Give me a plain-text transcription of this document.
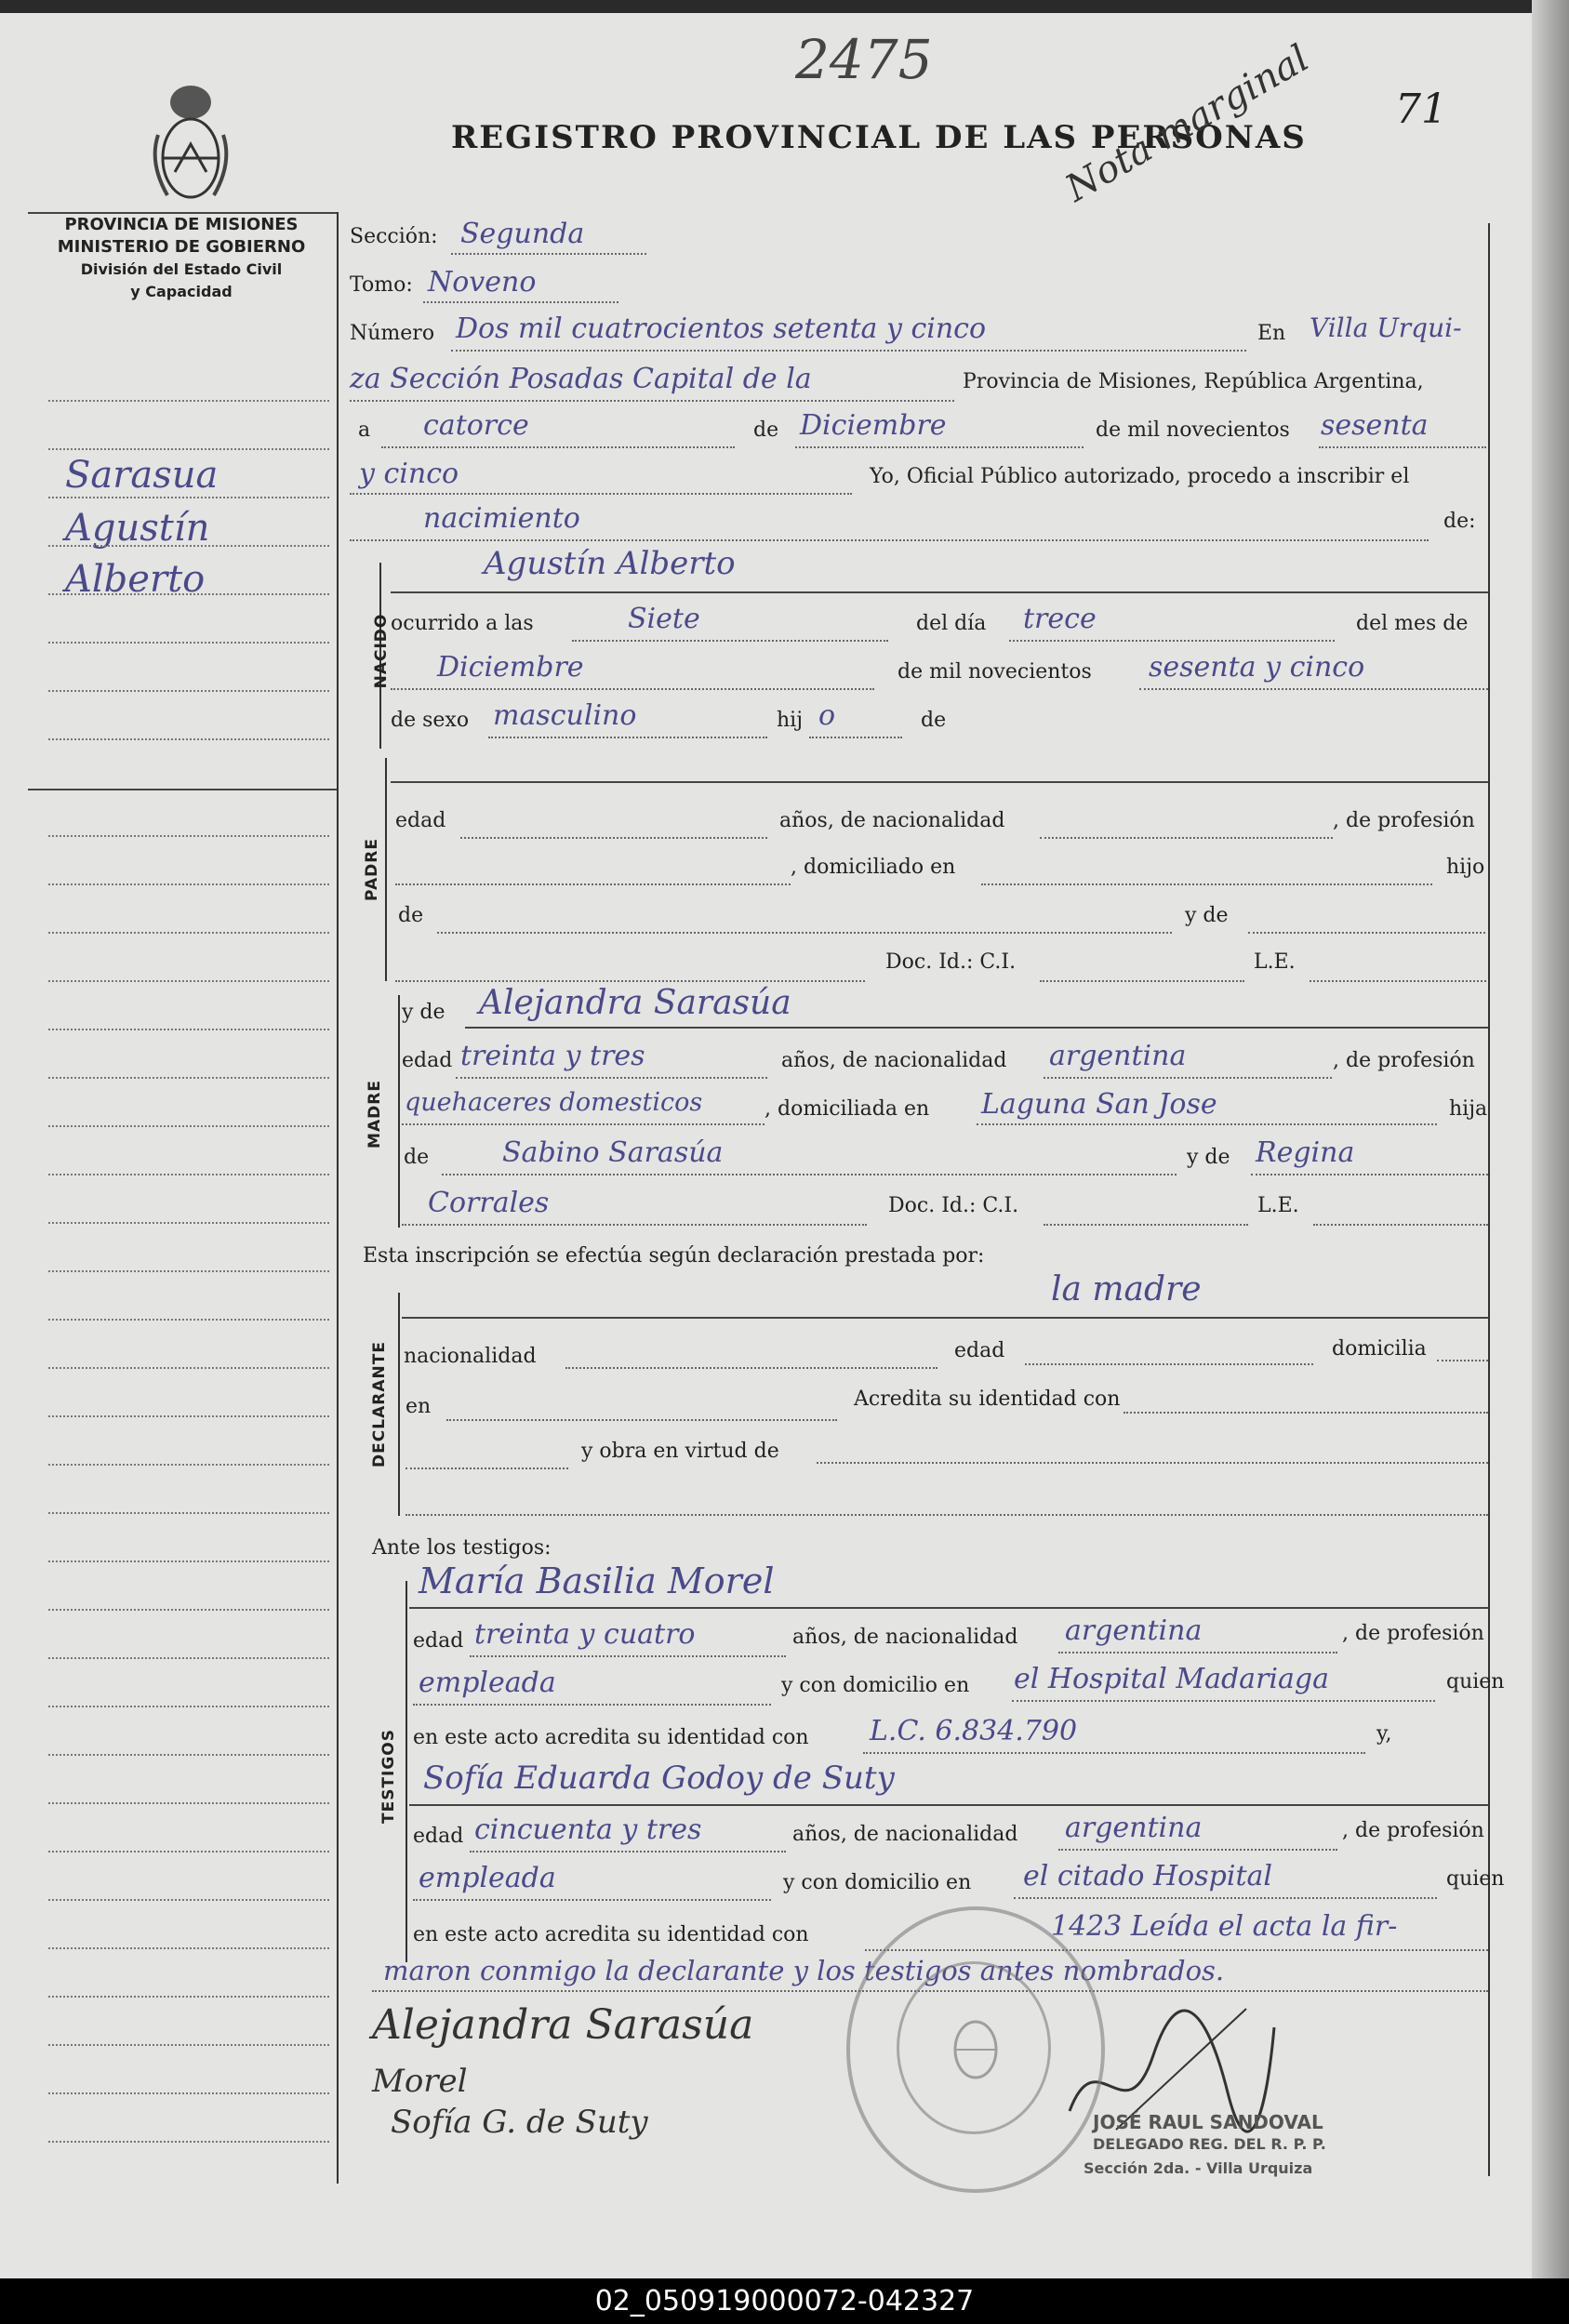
2475
REGISTRO PROVINCIAL DE LAS PERSONAS
71
Nota marginal
PROVINCIA DE MISIONES
MINISTERIO DE GOBIERNO
División del Estado Civil
y Capacidad
Sarasua
Agustín
Alberto
Sección: Segunda
Tomo: Noveno
Número Dos mil cuatrocientos setenta y cinco	En Villa Urqui-
za Sección Posadas Capital de la	Provincia de Misiones, República Argentina,
a catorce	de Diciembre	de mil novecientos sesenta
y cinco	Yo, Oficial Público autorizado, procedo a inscribir el
nacimiento	de:
NACIDO
Agustín Alberto
ocurrido a las	Siete	del día trece	del mes de
Diciembre	de mil novecientos sesenta y cinco
de sexo masculino	hij o	de
PADRE
edad	años, de nacionalidad	, de profesión
, domiciliado en	hijo
de	y de
Doc. Id.: C.I.	L.E.
MADRE
y de Alejandra Sarasúa
edad treinta y tres	años, de nacionalidad argentina	, de profesión
quehaceres domesticos	, domiciliada en Laguna San Jose	hija
de	Sabino Sarasúa	y de Regina
Corrales	Doc. Id.: C.I.	L.E.
Esta inscripción se efectúa según declaración prestada por:
DECLARANTE
la madre
nacionalidad	edad	domicilia
en	Acredita su identidad con
y obra en virtud de
Ante los testigos:
TESTIGOS
María Basilia Morel
edad treinta y cuatro	años, de nacionalidad argentina	, de profesión
empleada	y con domicilio en el Hospital Madariaga	quien
en este acto acredita su identidad con L.C. 6.834.790	y,
Sofía Eduarda Godoy de Suty
edad cincuenta y tres	años, de nacionalidad argentina	, de profesión
empleada	y con domicilio en el citado Hospital	quien
en este acto acredita su identidad con	1423 Leída el acta la fir-
maron conmigo la declarante y los testigos antes nombrados.
Alejandra Sarasúa
Morel
Sofía G. de Suty	JOSÉ RAUL SANDOVAL
DELEGADO REG. DEL R. P. P.
Sección 2da. - Villa Urquiza
02_050919000072-042327
